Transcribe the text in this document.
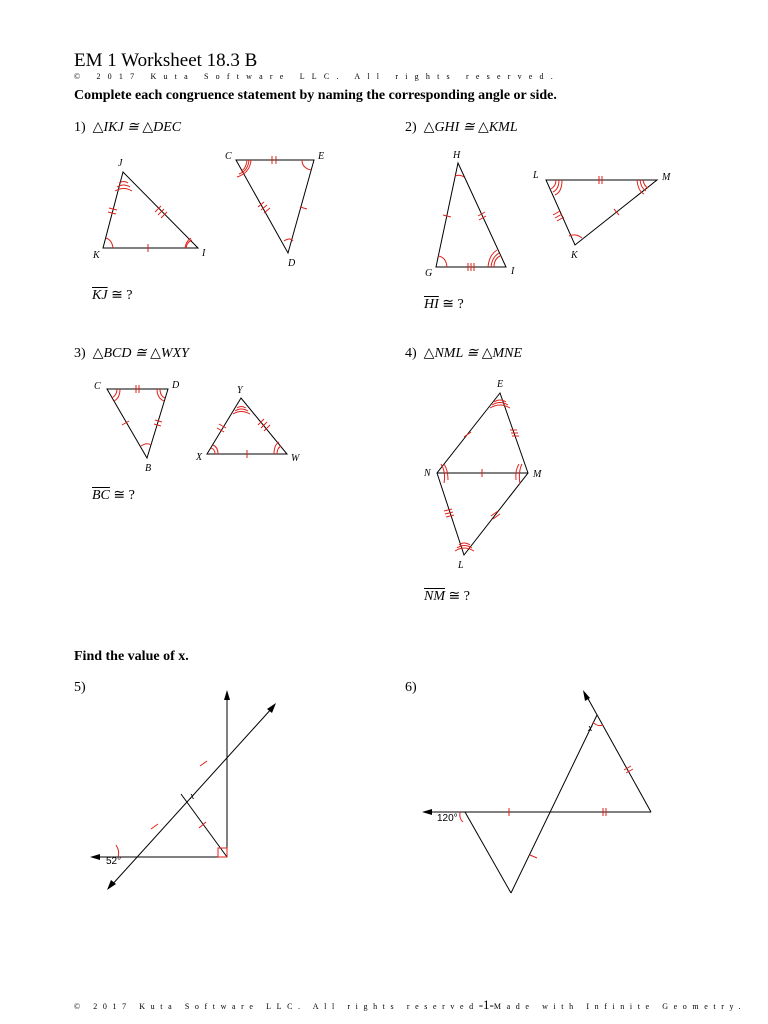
EM 1 Worksheet 18.3 B
© 2017 Kuta Software LLC. All rights reserved.
Complete each congruence statement by naming the corresponding angle or side.
1) △IKJ ≅ △DEC	2) △GHI ≅ △KML
3) △BCD ≅ △WXY	4) △NML ≅ △MNE
$\overline{KJ}$ ≅ ?
$\overline{HI}$ ≅ ?
$\overline{BC}$ ≅ ?
$\overline{NM}$ ≅ ?
Find the value of x.
5)	6)
J
K	I
C	E
D
H
G	I
L	M
K
C	D
B
Y
X	W
E
N	M
L
x
52°
x
120°
© 2017 Kuta Software LLC. All rights reserved-1-Made with Infinite Geometry.
